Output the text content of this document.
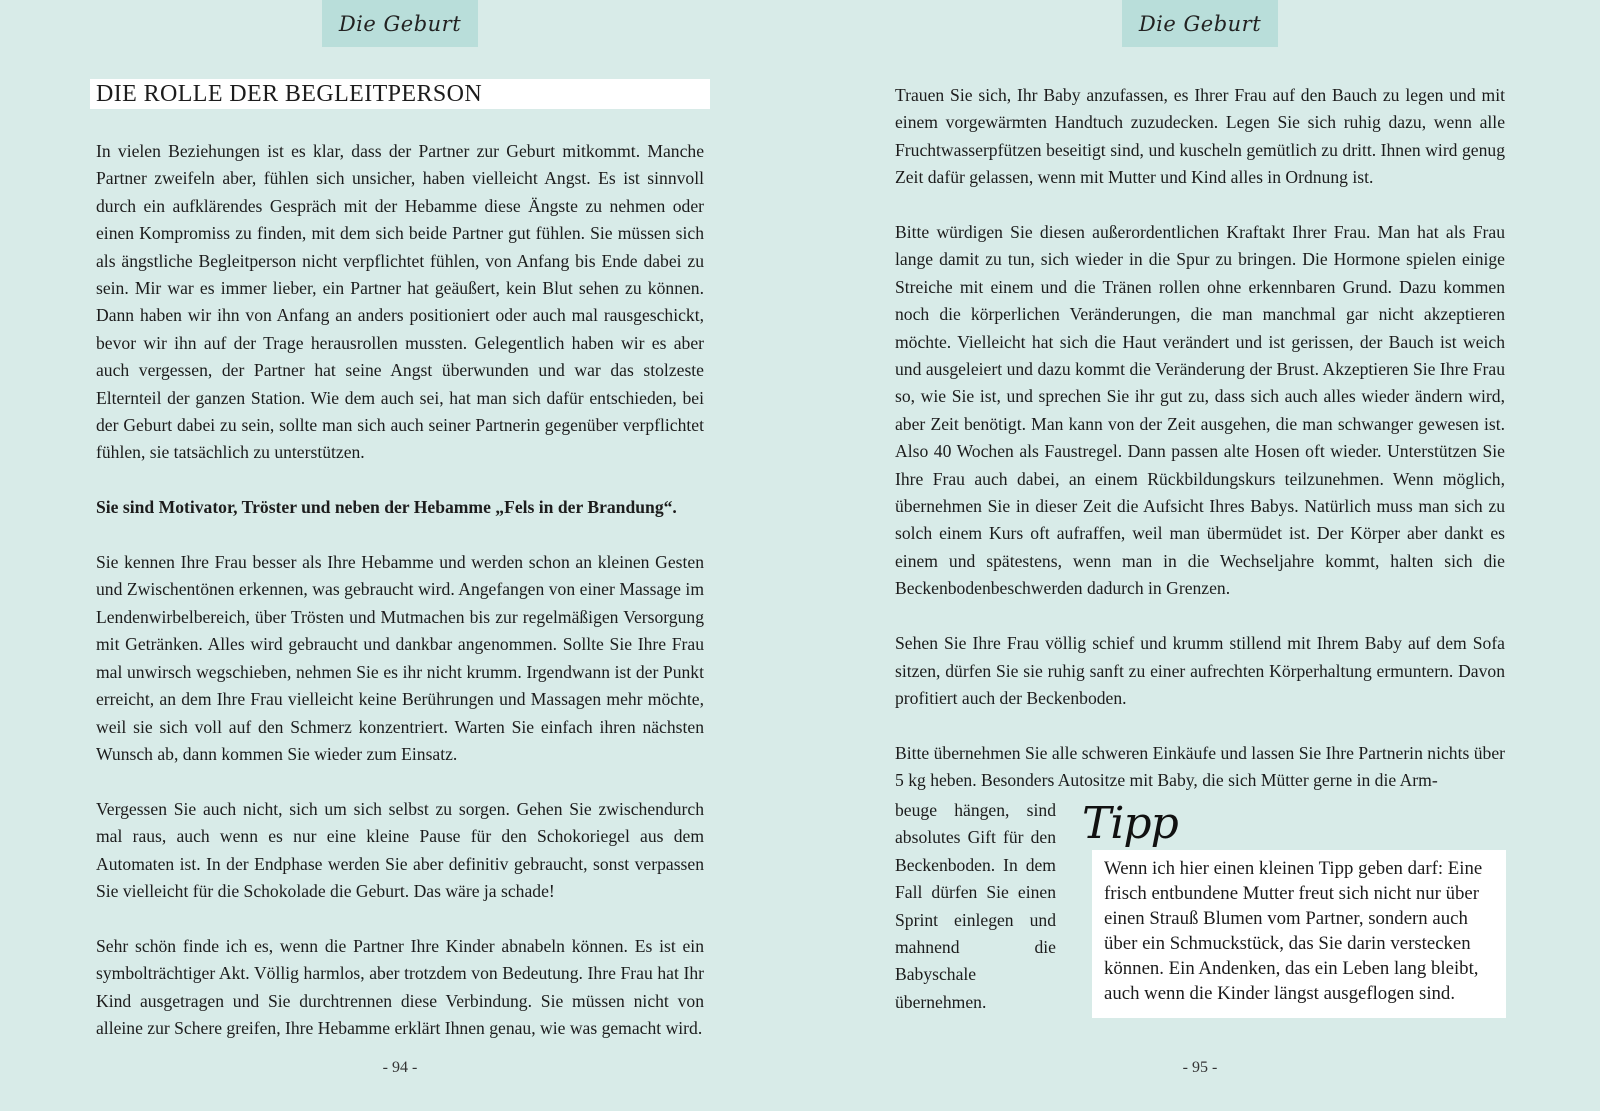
Die Geburt
DIE ROLLE DER BEGLEITPERSON

In vielen Beziehungen ist es klar, dass der Partner zur Geburt mitkommt. Manche Partner zweifeln aber, fühlen sich unsicher, haben vielleicht Angst. Es ist sinnvoll durch ein aufklärendes Gespräch mit der Hebamme diese Ängste zu nehmen oder einen Kompromiss zu finden, mit dem sich beide Partner gut fühlen. Sie müssen sich als ängstliche Begleitperson nicht verpflichtet fühlen, von Anfang bis Ende dabei zu sein. Mir war es immer lieber, ein Partner hat geäußert, kein Blut sehen zu können. Dann haben wir ihn von Anfang an anders positioniert oder auch mal rausgeschickt, bevor wir ihn auf der Trage herausrollen mussten. Gelegentlich haben wir es aber auch vergessen, der Partner hat seine Angst überwunden und war das stolzeste Elternteil der ganzen Station. Wie dem auch sei, hat man sich dafür entschieden, bei der Geburt dabei zu sein, sollte man sich auch seiner Partnerin gegenüber verpflichtet fühlen, sie tatsächlich zu unterstützen.

Sie sind Motivator, Tröster und neben der Hebamme „Fels in der Brandung“.

Sie kennen Ihre Frau besser als Ihre Hebamme und werden schon an kleinen Gesten und Zwischentönen erkennen, was gebraucht wird. Angefangen von einer Massage im Lendenwirbelbereich, über Trösten und Mutmachen bis zur regelmäßigen Versorgung mit Getränken. Alles wird gebraucht und dankbar angenommen. Sollte Sie Ihre Frau mal unwirsch wegschieben, nehmen Sie es ihr nicht krumm. Irgendwann ist der Punkt erreicht, an dem Ihre Frau vielleicht keine Berührungen und Massagen mehr möchte, weil sie sich voll auf den Schmerz konzentriert. Warten Sie einfach ihren nächsten Wunsch ab, dann kommen Sie wieder zum Einsatz.

Vergessen Sie auch nicht, sich um sich selbst zu sorgen. Gehen Sie zwischendurch mal raus, auch wenn es nur eine kleine Pause für den Schokoriegel aus dem Automaten ist. In der Endphase werden Sie aber definitiv gebraucht, sonst verpassen Sie vielleicht für die Schokolade die Geburt. Das wäre ja schade!

Sehr schön finde ich es, wenn die Partner Ihre Kinder abnabeln können. Es ist ein symbolträchtiger Akt. Völlig harmlos, aber trotzdem von Bedeutung. Ihre Frau hat Ihr Kind ausgetragen und Sie durchtrennen diese Verbindung. Sie müssen nicht von alleine zur Schere greifen, Ihre Hebamme erklärt Ihnen genau, wie was gemacht wird.

- 94 -
Die Geburt

Trauen Sie sich, Ihr Baby anzufassen, es Ihrer Frau auf den Bauch zu legen und mit einem vorgewärmten Handtuch zuzudecken. Legen Sie sich ruhig dazu, wenn alle Fruchtwasserpfützen beseitigt sind, und kuscheln gemütlich zu dritt. Ihnen wird genug Zeit dafür gelassen, wenn mit Mutter und Kind alles in Ordnung ist.

Bitte würdigen Sie diesen außerordentlichen Kraftakt Ihrer Frau. Man hat als Frau lange damit zu tun, sich wieder in die Spur zu bringen. Die Hormone spielen einige Streiche mit einem und die Tränen rollen ohne erkennbaren Grund. Dazu kommen noch die körperlichen Veränderungen, die man manchmal gar nicht akzeptieren möchte. Vielleicht hat sich die Haut verändert und ist gerissen, der Bauch ist weich und ausgeleiert und dazu kommt die Veränderung der Brust. Akzeptieren Sie Ihre Frau so, wie Sie ist, und sprechen Sie ihr gut zu, dass sich auch alles wieder ändern wird, aber Zeit benötigt. Man kann von der Zeit ausgehen, die man schwanger gewesen ist. Also 40 Wochen als Faustregel. Dann passen alte Hosen oft wieder. Unterstützen Sie Ihre Frau auch dabei, an einem Rückbildungskurs teilzunehmen. Wenn möglich, übernehmen Sie in dieser Zeit die Aufsicht Ihres Babys. Natürlich muss man sich zu solch einem Kurs oft aufraffen, weil man übermüdet ist. Der Körper aber dankt es einem und spätestens, wenn man in die Wechseljahre kommt, halten sich die Beckenbodenbeschwerden dadurch in Grenzen.

Sehen Sie Ihre Frau völlig schief und krumm stillend mit Ihrem Baby auf dem Sofa sitzen, dürfen Sie sie ruhig sanft zu einer aufrechten Körperhaltung ermuntern. Davon profitiert auch der Beckenboden.

Bitte übernehmen Sie alle schweren Einkäufe und lassen Sie Ihre Partnerin nichts über 5 kg heben. Besonders Autositze mit Baby, die sich Mütter gerne in die Arm-

beuge hängen, sind absolutes Gift für den Beckenboden. In dem Fall dürfen Sie einen Sprint einlegen und mahnend die Babyschale übernehmen.

Tipp

Wenn ich hier einen kleinen Tipp geben darf: Eine frisch entbundene Mutter freut sich nicht nur über einen Strauß Blumen vom Partner, sondern auch über ein Schmuckstück, das Sie darin verstecken können. Ein Andenken, das ein Leben lang bleibt, auch wenn die Kinder längst ausgeflogen sind.

- 95 -
